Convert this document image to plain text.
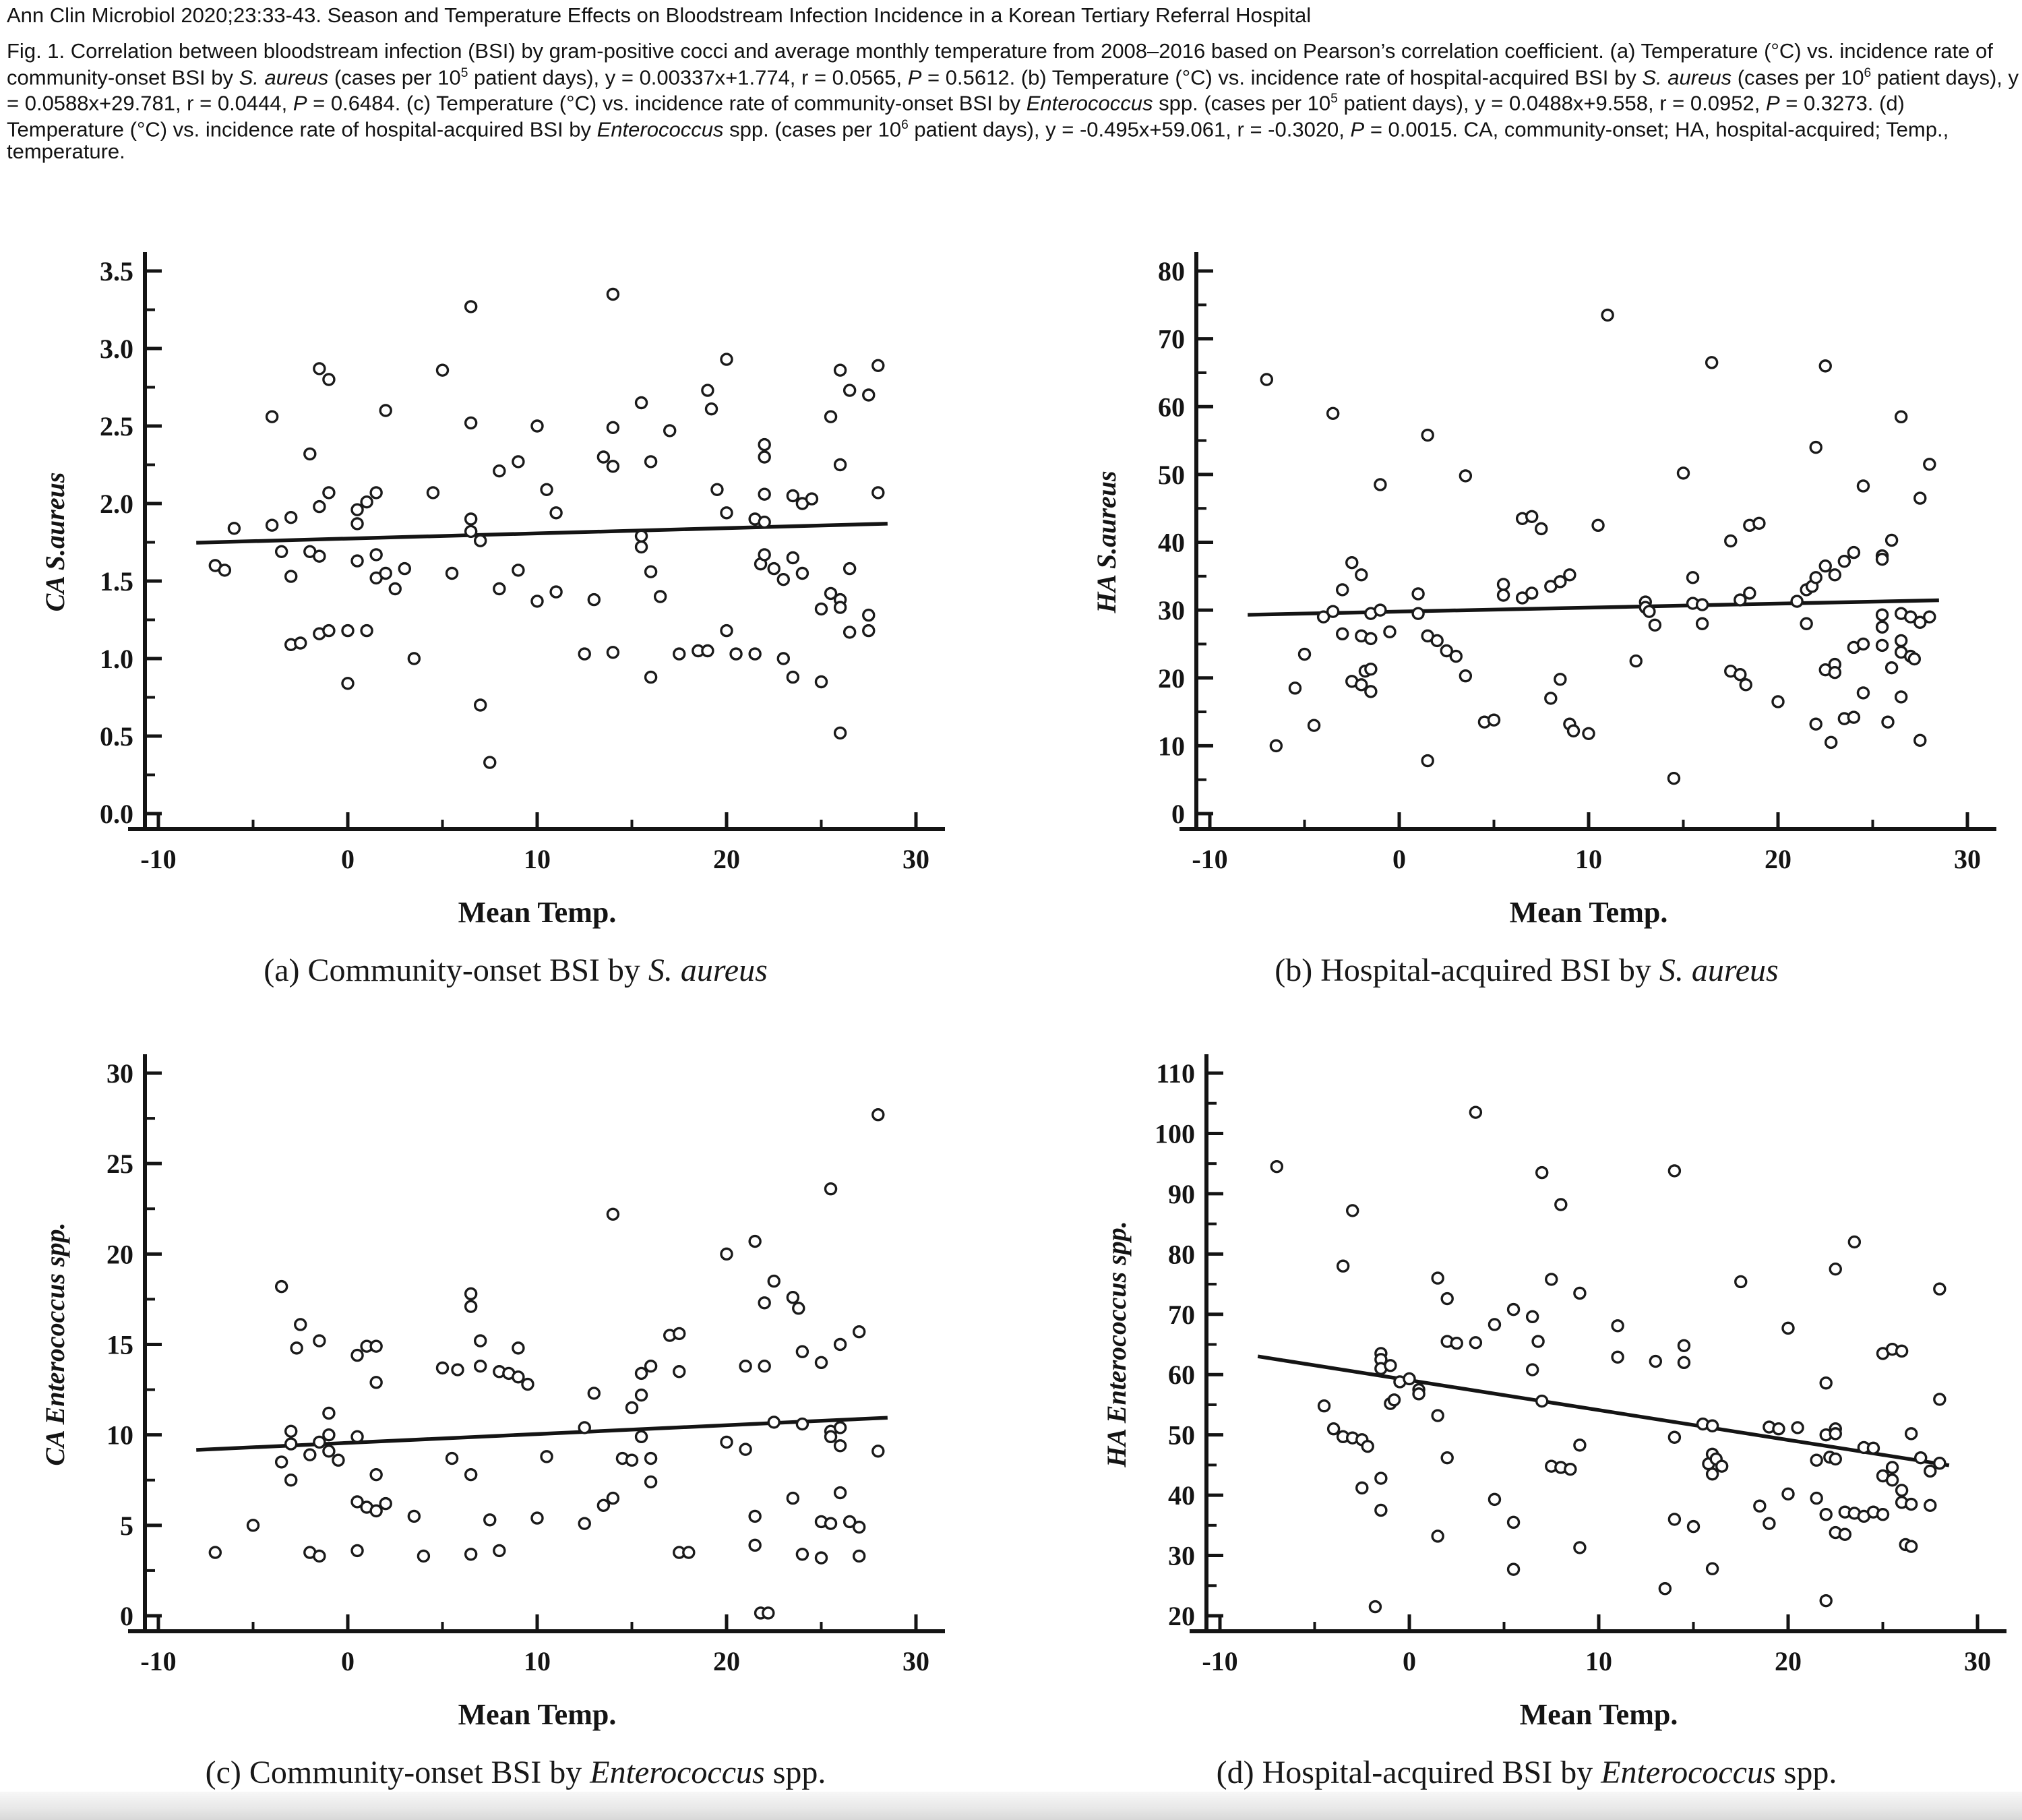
Ann Clin Microbiol 2020;23:33-43. Season and Temperature Effects on Bloodstream Infection Incidence in a Korean Tertiary Referral Hospital
Fig. 1. Correlation between bloodstream infection (BSI) by gram-positive cocci and average monthly temperature from 2008–2016 based on Pearson’s correlation coefficient. (a) Temperature (°C) vs. incidence rate of community-onset BSI by S. aureus (cases per $10^5$ patient days), y = 0.00337x+1.774, r = 0.0565, P = 0.5612. (b) Temperature (°C) vs. incidence rate of hospital-acquired BSI by S. aureus (cases per $10^6$ patient days), y = 0.0588x+29.781, r = 0.0444, P = 0.6484. (c) Temperature (°C) vs. incidence rate of community-onset BSI by Enterococcus spp. (cases per $10^5$ patient days), y = 0.0488x+9.558, r = 0.0952, P = 0.3273. (d) Temperature (°C) vs. incidence rate of hospital-acquired BSI by Enterococcus spp. (cases per $10^6$ patient days), y = -0.495x+59.061, r = -0.3020, P = 0.0015. CA, community-onset; HA, hospital-acquired; Temp., temperature.
0.0
0.5
1.0
1.5
2.0
2.5
3.0
3.5
-10	0	10	20	30
CA S.aureus
Mean Temp.
(a) Community-onset BSI by S. aureus
0
10
20
30
40
50
60
70
80
-10	0	10	20	30
HA S.aureus
Mean Temp.
(b) Hospital-acquired BSI by S. aureus
0
5
10
15
20
25
30
-10	0	10	20	30
CA Enterococcus spp.
Mean Temp.
(c) Community-onset BSI by Enterococcus spp.
20
30
40
50
60
70
80
90
100
110
-10	0	10	20	30
HA Enterococcus spp.
Mean Temp.
(d) Hospital-acquired BSI by Enterococcus spp.
